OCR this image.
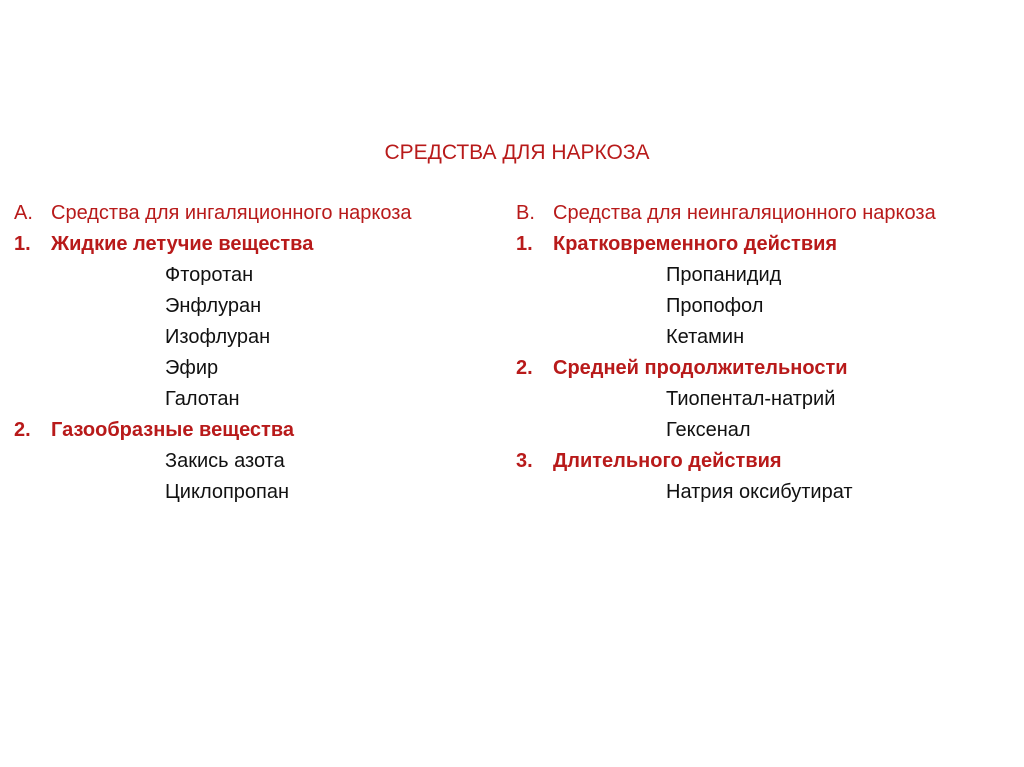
СРЕДСТВА ДЛЯ НАРКОЗА
А. Средства для ингаляционного наркоза
1. Жидкие летучие вещества
Фторотан
Энфлуран
Изофлуран
Эфир
Галотан
2. Газообразные вещества
Закись азота
Циклопропан
В. Средства для неингаляционного наркоза
1. Кратковременного действия
Пропанидид
Пропофол
Кетамин
2. Средней продолжительности
Тиопентал-натрий
Гексенал
3. Длительного действия
Натрия оксибутират
